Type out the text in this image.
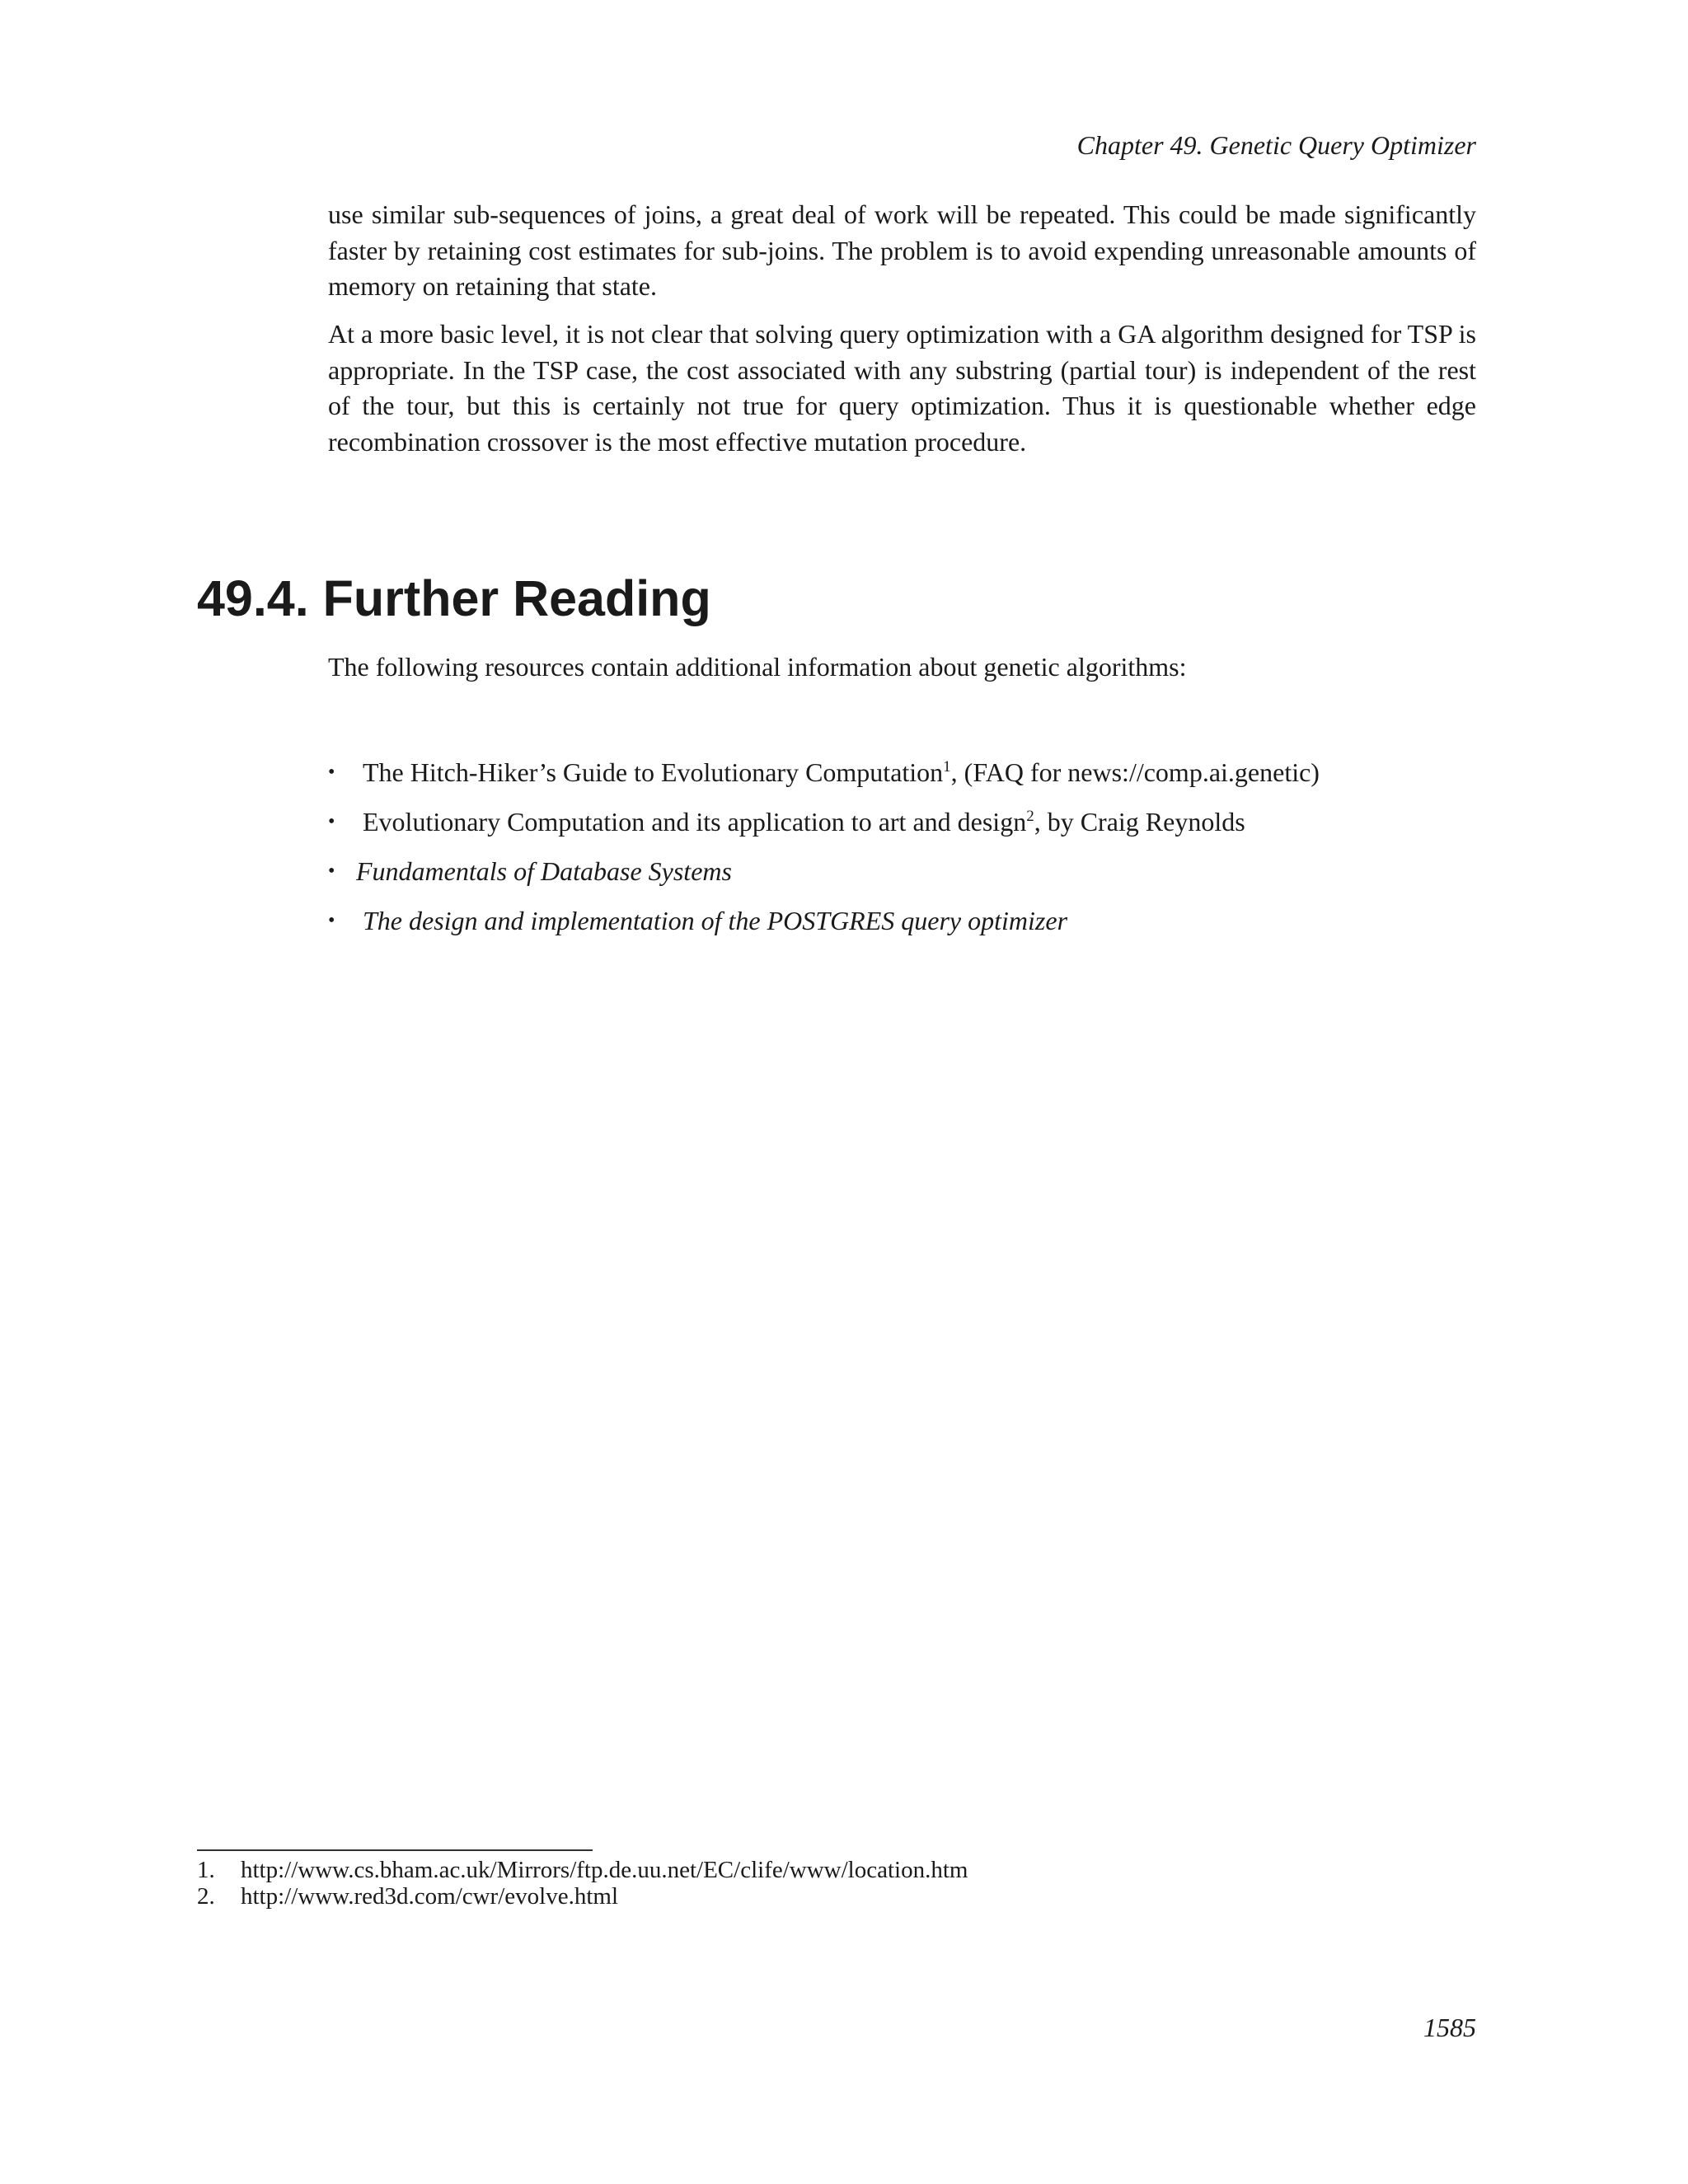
Chapter 49. Genetic Query Optimizer

use similar sub-sequences of joins, a great deal of work will be repeated. This could be made significantly faster by retaining cost estimates for sub-joins. The problem is to avoid expending unreasonable amounts of memory on retaining that state.

At a more basic level, it is not clear that solving query optimization with a GA algorithm designed for TSP is appropriate. In the TSP case, the cost associated with any substring (partial tour) is independent of the rest of the tour, but this is certainly not true for query optimization. Thus it is questionable whether edge recombination crossover is the most effective mutation procedure.

49.4. Further Reading

The following resources contain additional information about genetic algorithms:

• The Hitch-Hiker’s Guide to Evolutionary Computation$^1$, (FAQ for news://comp.ai.genetic)
• Evolutionary Computation and its application to art and design$^2$, by Craig Reynolds
• Fundamentals of Database Systems
• The design and implementation of the POSTGRES query optimizer
1. http://www.cs.bham.ac.uk/Mirrors/ftp.de.uu.net/EC/clife/www/location.htm
2. http://www.red3d.com/cwr/evolve.html
1585
